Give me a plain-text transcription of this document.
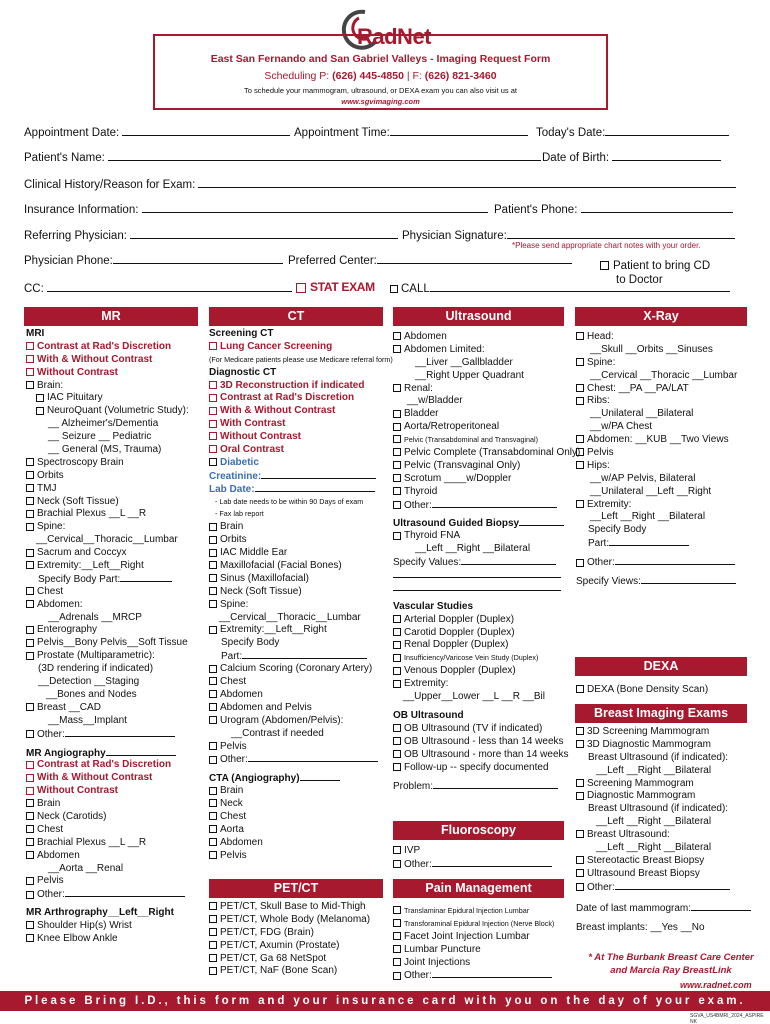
RadNet
East San Fernando and San Gabriel Valleys - Imaging Request Form
Scheduling P: (626) 445-4850 | F: (626) 821-3460
To schedule your mammogram, ultrasound, or DEXA exam you can also visit us at
www.sgvimaging.com
Appointment Date:	Appointment Time:	Today's Date:
Patient's Name:	Date of Birth:
Clinical History/Reason for Exam:
Insurance Information:	Patient's Phone:
Referring Physician:	Physician Signature:
*Please send appropriate chart notes with your order.
Physician Phone:	Preferred Center:	Patient to bring CD
to Doctor
CC:	STAT EXAM	CALL
MR	CT	Ultrasound	X-Ray
DEXA
Breast Imaging Exams
Fluoroscopy
PET/CT	Pain Management
MRI
Contrast at Rad's Discretion
With & Without Contrast
Without Contrast
Brain:
IAC Pituitary
NeuroQuant (Volumetric Study):
__ Alzheimer's/Dementia
__ Seizure __ Pediatric
__ General (MS, Trauma)
Spectroscopy Brain
Orbits
TMJ
Neck (Soft Tissue)
Brachial Plexus __L __R
Spine:
__Cervical__Thoracic__Lumbar
Sacrum and Coccyx
Extremity:__Left__Right
Specify Body Part:
Chest
Abdomen:
__Adrenals __MRCP
Enterography
Pelvis__Bony Pelvis__Soft Tissue
Prostate (Multiparametric):
(3D rendering if indicated)
__Detection __Staging
__Bones and Nodes
Breast __CAD
__Mass__Implant
Other:
MR Angiography
Contrast at Rad's Discretion
With & Without Contrast
Without Contrast
Brain
Neck (Carotids)
Chest
Brachial Plexus __L __R
Abdomen
__Aorta __Renal
Pelvis
Other:
MR Arthrography__Left__Right
Shoulder Hip(s) Wrist
Knee Elbow Ankle
Screening CT
Lung Cancer Screening
(For Medicare patients please use Medicare referral form)
Diagnostic CT
3D Reconstruction if indicated
Contrast at Rad's Discretion
With & Without Contrast
With Contrast
Without Contrast
Oral Contrast
Diabetic
Creatinine:
Lab Date:
- Lab date needs to be within 90 Days of exam
- Fax lab report
Brain
Orbits
IAC Middle Ear
Maxillofacial (Facial Bones)
Sinus (Maxillofacial)
Neck (Soft Tissue)
Spine:
__Cervical__Thoracic__Lumbar
Extremity:__Left__Right
Specify Body
Part:
Calcium Scoring (Coronary Artery)
Chest
Abdomen
Abdomen and Pelvis
Urogram (Abdomen/Pelvis):
__Contrast if needed
Pelvis
Other:
CTA (Angiography)
Brain
Neck
Chest
Aorta
Abdomen
Pelvis
PET/CT, Skull Base to Mid-Thigh
PET/CT, Whole Body (Melanoma)
PET/CT, FDG (Brain)
PET/CT, Axumin (Prostate)
PET/CT, Ga 68 NetSpot
PET/CT, NaF (Bone Scan)
Abdomen
Abdomen Limited:
__Liver __Gallbladder
__Right Upper Quadrant
Renal:
__w/Bladder
Bladder
Aorta/Retroperitoneal
Pelvic (Transabdominal and Transvaginal)
Pelvic Complete (Transabdominal Only)
Pelvic (Transvaginal Only)
Scrotum ____w/Doppler
Thyroid
Other:
Ultrasound Guided Biopsy
Thyroid FNA
__Left __Right __Bilateral
Specify Values:
Vascular Studies
Arterial Doppler (Duplex)
Carotid Doppler (Duplex)
Renal Doppler (Duplex)
Insufficiency/Varicose Vein Study (Duplex)
Venous Doppler (Duplex)
Extremity:
__Upper__Lower __L __R __Bil
OB Ultrasound
OB Ultrasound (TV if indicated)
OB Ultrasound - less than 14 weeks
OB Ultrasound - more than 14 weeks
Follow-up -- specify documented
Problem:
IVP
Other:
Translaminar Epidural Injection Lumbar
Transforaminal Epidural Injection (Nerve Block)
Facet Joint Injection Lumbar
Lumbar Puncture
Joint Injections
Other:
Head:
__Skull __Orbits __Sinuses
Spine:
__Cervical __Thoracic __Lumbar
Chest: __PA __PA/LAT
Ribs:
__Unilateral __Bilateral
__w/PA Chest
Abdomen: __KUB __Two Views
Pelvis
Hips:
__w/AP Pelvis, Bilateral
__Unilateral __Left __Right
Extremity:
__Left __Right __Bilateral
Specify Body
Part:
Other:
Specify Views:
DEXA (Bone Density Scan)
3D Screening Mammogram
3D Diagnostic Mammogram
Breast Ultrasound (if indicated):
__Left __Right __Bilateral
Screening Mammogram
Diagnostic Mammogram
Breast Ultrasound (if indicated):
__Left __Right __Bilateral
Breast Ultrasound:
__Left __Right __Bilateral
Stereotactic Breast Biopsy
Ultrasound Breast Biopsy
Other:
Date of last mammogram:
Breast implants: __Yes __No
* At The Burbank Breast Care Center
and Marcia Ray BreastLink
www.radnet.com
Please Bring I.D., this form and your insurance card with you on the day of your exam.
SGVA_US4BMRI_2024_ASPIRE NK
